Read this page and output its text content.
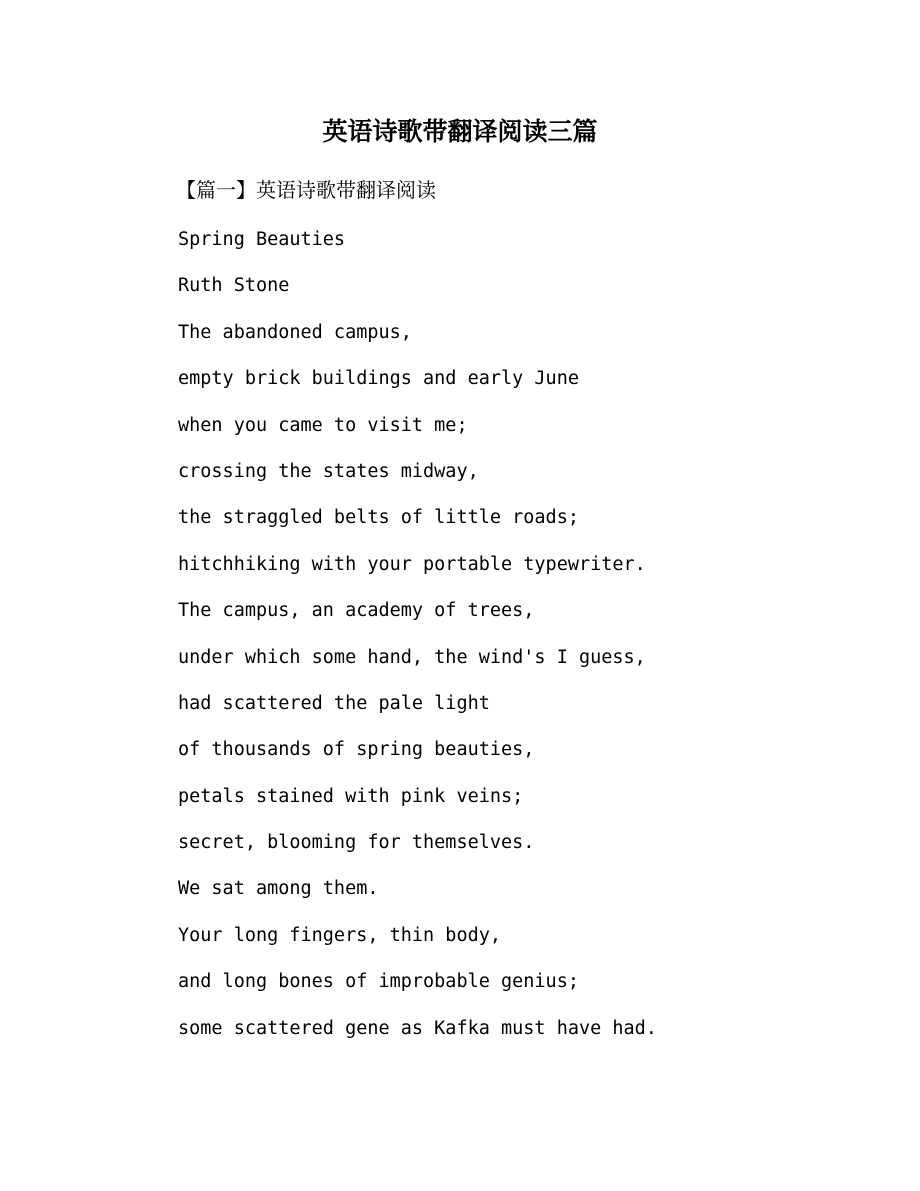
英语诗歌带翻译阅读三篇
【篇一】英语诗歌带翻译阅读
Spring Beauties
Ruth Stone
The abandoned campus,
empty brick buildings and early June
when you came to visit me;
crossing the states midway,
the straggled belts of little roads;
hitchhiking with your portable typewriter.
The campus, an academy of trees,
under which some hand, the wind's I guess,
had scattered the pale light
of thousands of spring beauties,
petals stained with pink veins;
secret, blooming for themselves.
We sat among them.
Your long fingers, thin body,
and long bones of improbable genius;
some scattered gene as Kafka must have had.
